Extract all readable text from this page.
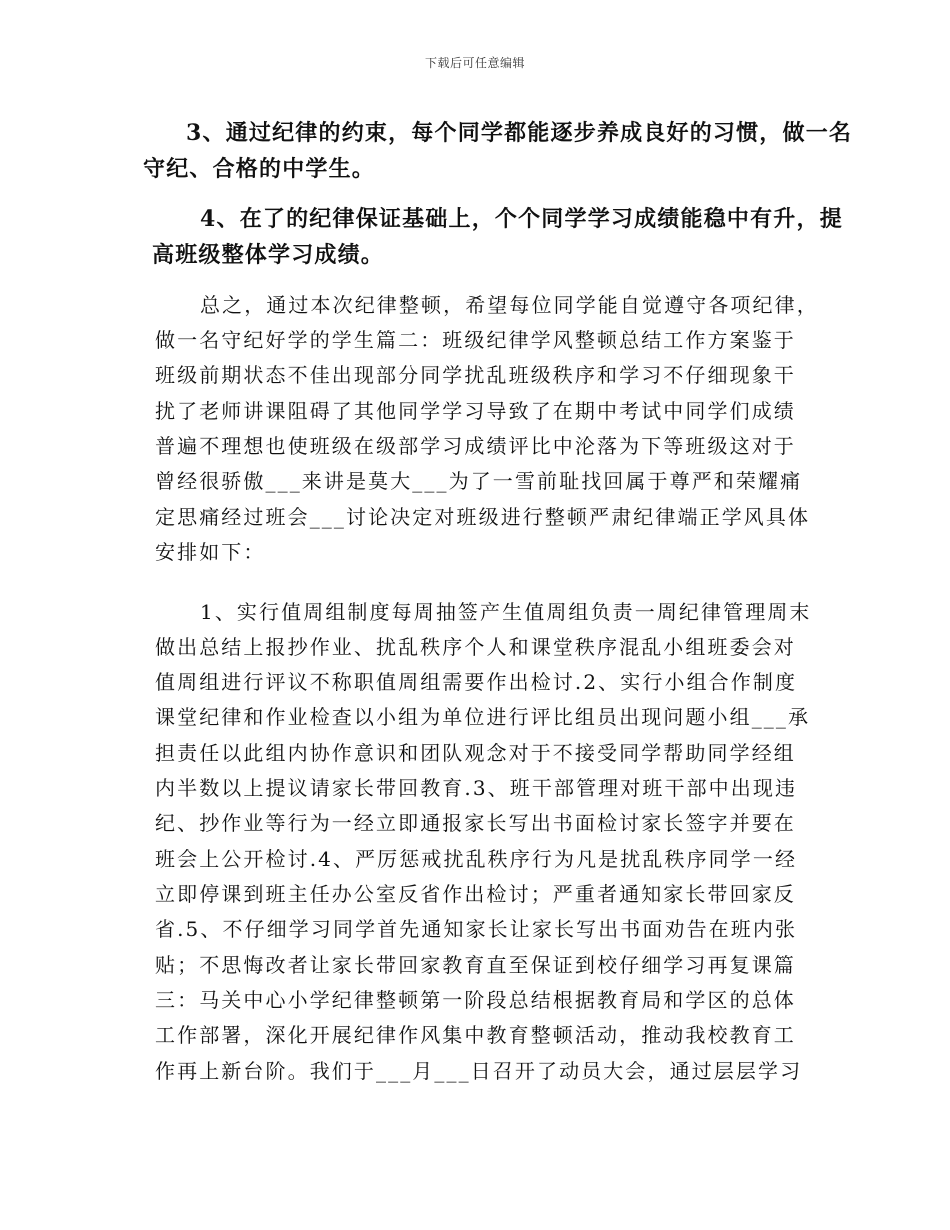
下载后可任意编辑
3、通过纪律的约束，每个同学都能逐步养成良好的习惯，做一名
守纪、合格的中学生。
4、在了的纪律保证基础上，个个同学学习成绩能稳中有升，提
高班级整体学习成绩。
总之，通过本次纪律整顿，希望每位同学能自觉遵守各项纪律，
做一名守纪好学的学生篇二：班级纪律学风整顿总结工作方案鉴于
班级前期状态不佳出现部分同学扰乱班级秩序和学习不仔细现象干
扰了老师讲课阻碍了其他同学学习导致了在期中考试中同学们成绩
普遍不理想也使班级在级部学习成绩评比中沦落为下等班级这对于
曾经很骄傲___来讲是莫大___为了一雪前耻找回属于尊严和荣耀痛
定思痛经过班会___讨论决定对班级进行整顿严肃纪律端正学风具体
安排如下：
1、实行值周组制度每周抽签产生值周组负责一周纪律管理周末
做出总结上报抄作业、扰乱秩序个人和课堂秩序混乱小组班委会对
值周组进行评议不称职值周组需要作出检讨.2、实行小组合作制度
课堂纪律和作业检查以小组为单位进行评比组员出现问题小组___承
担责任以此组内协作意识和团队观念对于不接受同学帮助同学经组
内半数以上提议请家长带回教育.3、班干部管理对班干部中出现违
纪、抄作业等行为一经立即通报家长写出书面检讨家长签字并要在
班会上公开检讨.4、严厉惩戒扰乱秩序行为凡是扰乱秩序同学一经
立即停课到班主任办公室反省作出检讨；严重者通知家长带回家反
省.5、不仔细学习同学首先通知家长让家长写出书面劝告在班内张
贴；不思悔改者让家长带回家教育直至保证到校仔细学习再复课篇
三：马关中心小学纪律整顿第一阶段总结根据教育局和学区的总体
工作部署，深化开展纪律作风集中教育整顿活动，推动我校教育工
作再上新台阶。我们于___月___日召开了动员大会，通过层层学习
